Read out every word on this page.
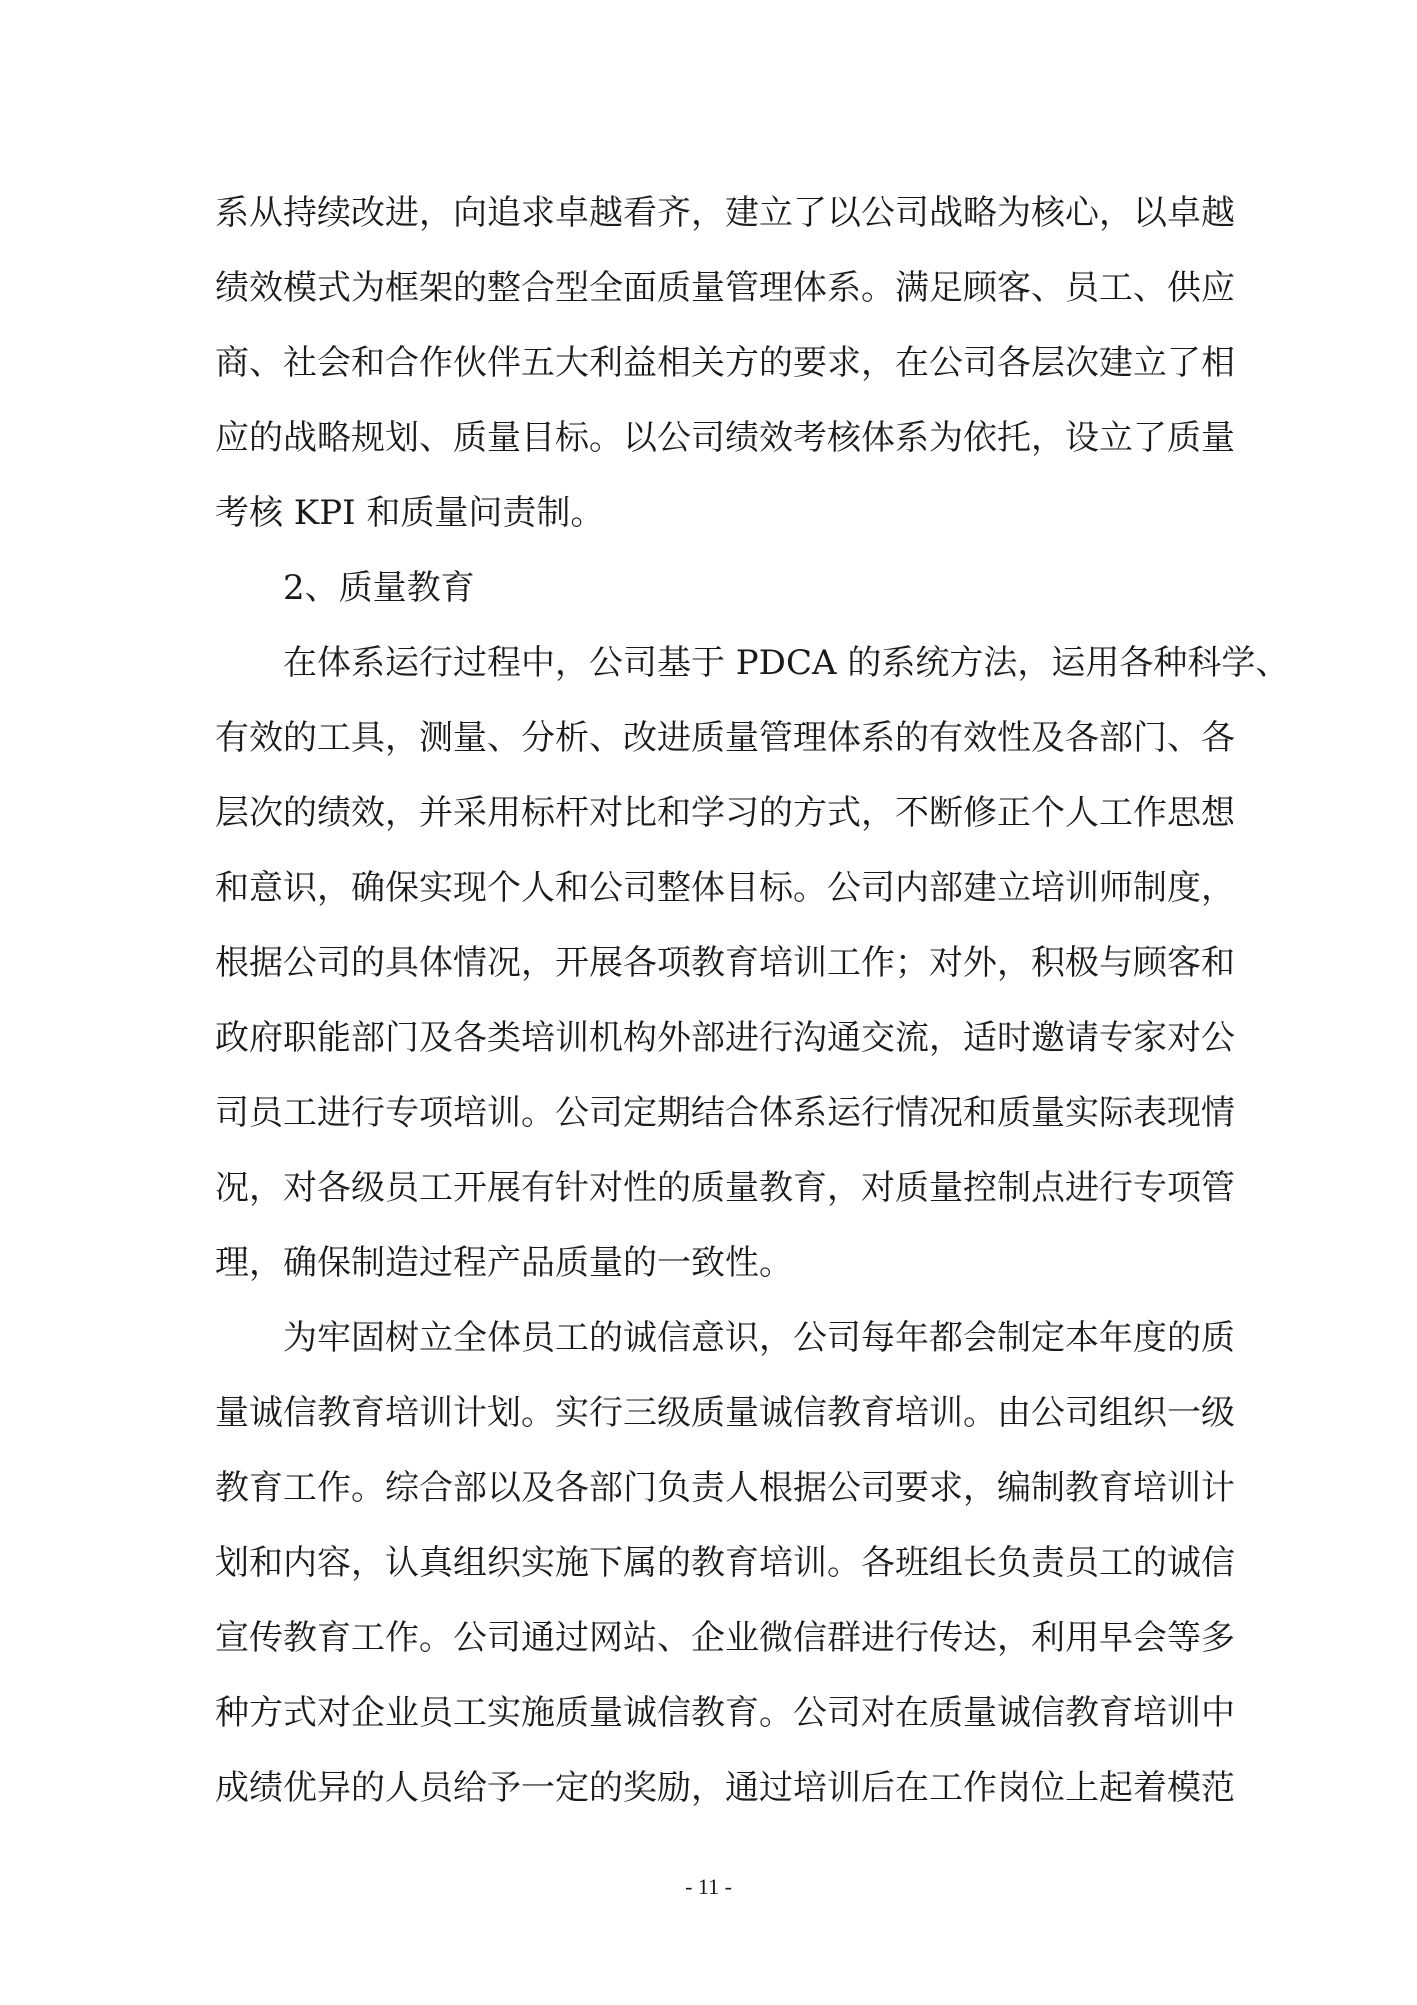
系从持续改进，向追求卓越看齐，建立了以公司战略为核心，以卓越
绩效模式为框架的整合型全面质量管理体系。满足顾客、员工、供应
商、社会和合作伙伴五大利益相关方的要求，在公司各层次建立了相
应的战略规划、质量目标。以公司绩效考核体系为依托，设立了质量
考核 KPI 和质量问责制。
2、质量教育
在体系运行过程中，公司基于 PDCA 的系统方法，运用各种科学、
有效的工具，测量、分析、改进质量管理体系的有效性及各部门、各
层次的绩效，并采用标杆对比和学习的方式，不断修正个人工作思想
和意识，确保实现个人和公司整体目标。公司内部建立培训师制度，
根据公司的具体情况，开展各项教育培训工作；对外，积极与顾客和
政府职能部门及各类培训机构外部进行沟通交流，适时邀请专家对公
司员工进行专项培训。公司定期结合体系运行情况和质量实际表现情
况，对各级员工开展有针对性的质量教育，对质量控制点进行专项管
理，确保制造过程产品质量的一致性。
为牢固树立全体员工的诚信意识，公司每年都会制定本年度的质
量诚信教育培训计划。实行三级质量诚信教育培训。由公司组织一级
教育工作。综合部以及各部门负责人根据公司要求，编制教育培训计
划和内容，认真组织实施下属的教育培训。各班组长负责员工的诚信
宣传教育工作。公司通过网站、企业微信群进行传达，利用早会等多
种方式对企业员工实施质量诚信教育。公司对在质量诚信教育培训中
成绩优异的人员给予一定的奖励，通过培训后在工作岗位上起着模范
- 11 -
